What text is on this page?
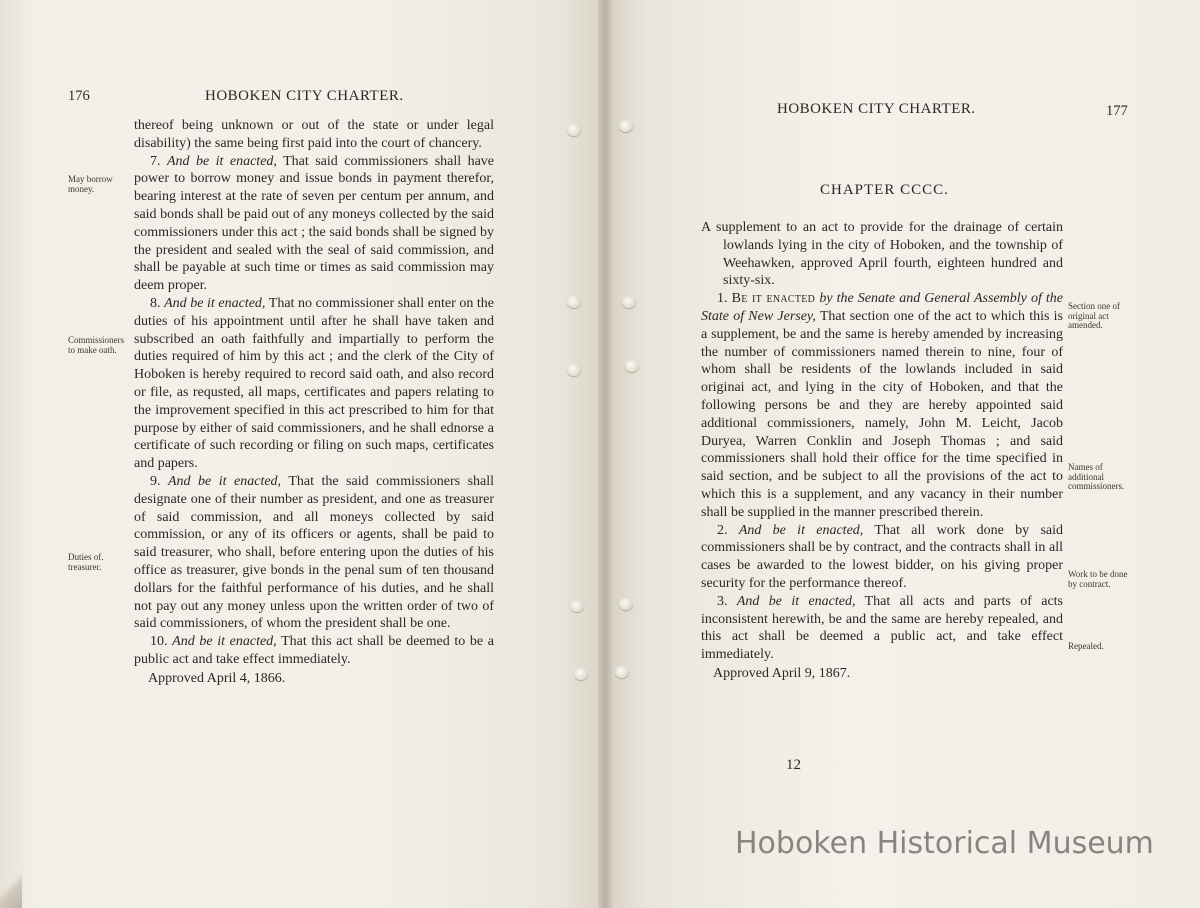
176	HOBOKEN CITY CHARTER.

thereof being unknown or out of the state or under legal disability) the same being first paid into the court of chancery.

7. And be it enacted, That said commissioners shall have power to borrow money and issue bonds in payment therefor, bearing interest at the rate of seven per centum per annum, and said bonds shall be paid out of any moneys collected by the said commissioners under this act ; the said bonds shall be signed by the president and sealed with the seal of said commission, and shall be payable at such time or times as said commission may deem proper.

8. And be it enacted, That no commissioner shall enter on the duties of his appointment until after he shall have taken and subscribed an oath faithfully and impartially to perform the duties required of him by this act ; and the clerk of the City of Hoboken is hereby required to record said oath, and also record or file, as requsted, all maps, certificates and papers relating to the improvement specified in this act prescribed to him for that purpose by either of said commissioners, and he shall ednorse a certificate of such recording or filing on such maps, certificates and papers.

9. And be it enacted, That the said commissioners shall designate one of their number as president, and one as treasurer of said commission, and all moneys collected by said commission, or any of its officers or agents, shall be paid to said treasurer, who shall, before entering upon the duties of his office as treasurer, give bonds in the penal sum of ten thousand dollars for the faithful performance of his duties, and he shall not pay out any money unless upon the written order of two of said commissioners, of whom the president shall be one.

10. And be it enacted, That this act shall be deemed to be a public act and take effect immediately.

Approved April 4, 1866.

May borrow money.
Commissioners to make oath.
Duties of. treasurer.
HOBOKEN CITY CHARTER.	177
CHAPTER CCCC.

A supplement to an act to provide for the drainage of certain lowlands lying in the city of Hoboken, and the township of Weehawken, approved April fourth, eighteen hundred and sixty-six.

1. Be it enacted by the Senate and General Assembly of the State of New Jersey, That section one of the act to which this is a supplement, be and the same is hereby amended by increasing the number of commissioners named therein to nine, four of whom shall be residents of the lowlands included in said originai act, and lying in the city of Hoboken, and that the following persons be and they are hereby appointed said additional commissioners, namely, John M. Leicht, Jacob Duryea, Warren Conklin and Joseph Thomas ; and said commissioners shall hold their office for the time specified in said section, and be subject to all the provisions of the act to which this is a supplement, and any vacancy in their number shall be supplied in the manner prescribed therein.

2. And be it enacted, That all work done by said commissioners shall be by contract, and the contracts shall in all cases be awarded to the lowest bidder, on his giving proper security for the performance thereof.

3. And be it enacted, That all acts and parts of acts inconsistent herewith, be and the same are hereby repealed, and this act shall be deemed a public act, and take effect immediately.

Approved April 9, 1867.

Section one of original act amended.
Names of additional commissioners.
Work to be done by contract.
Repealed.
12
Hoboken Historical Museum
